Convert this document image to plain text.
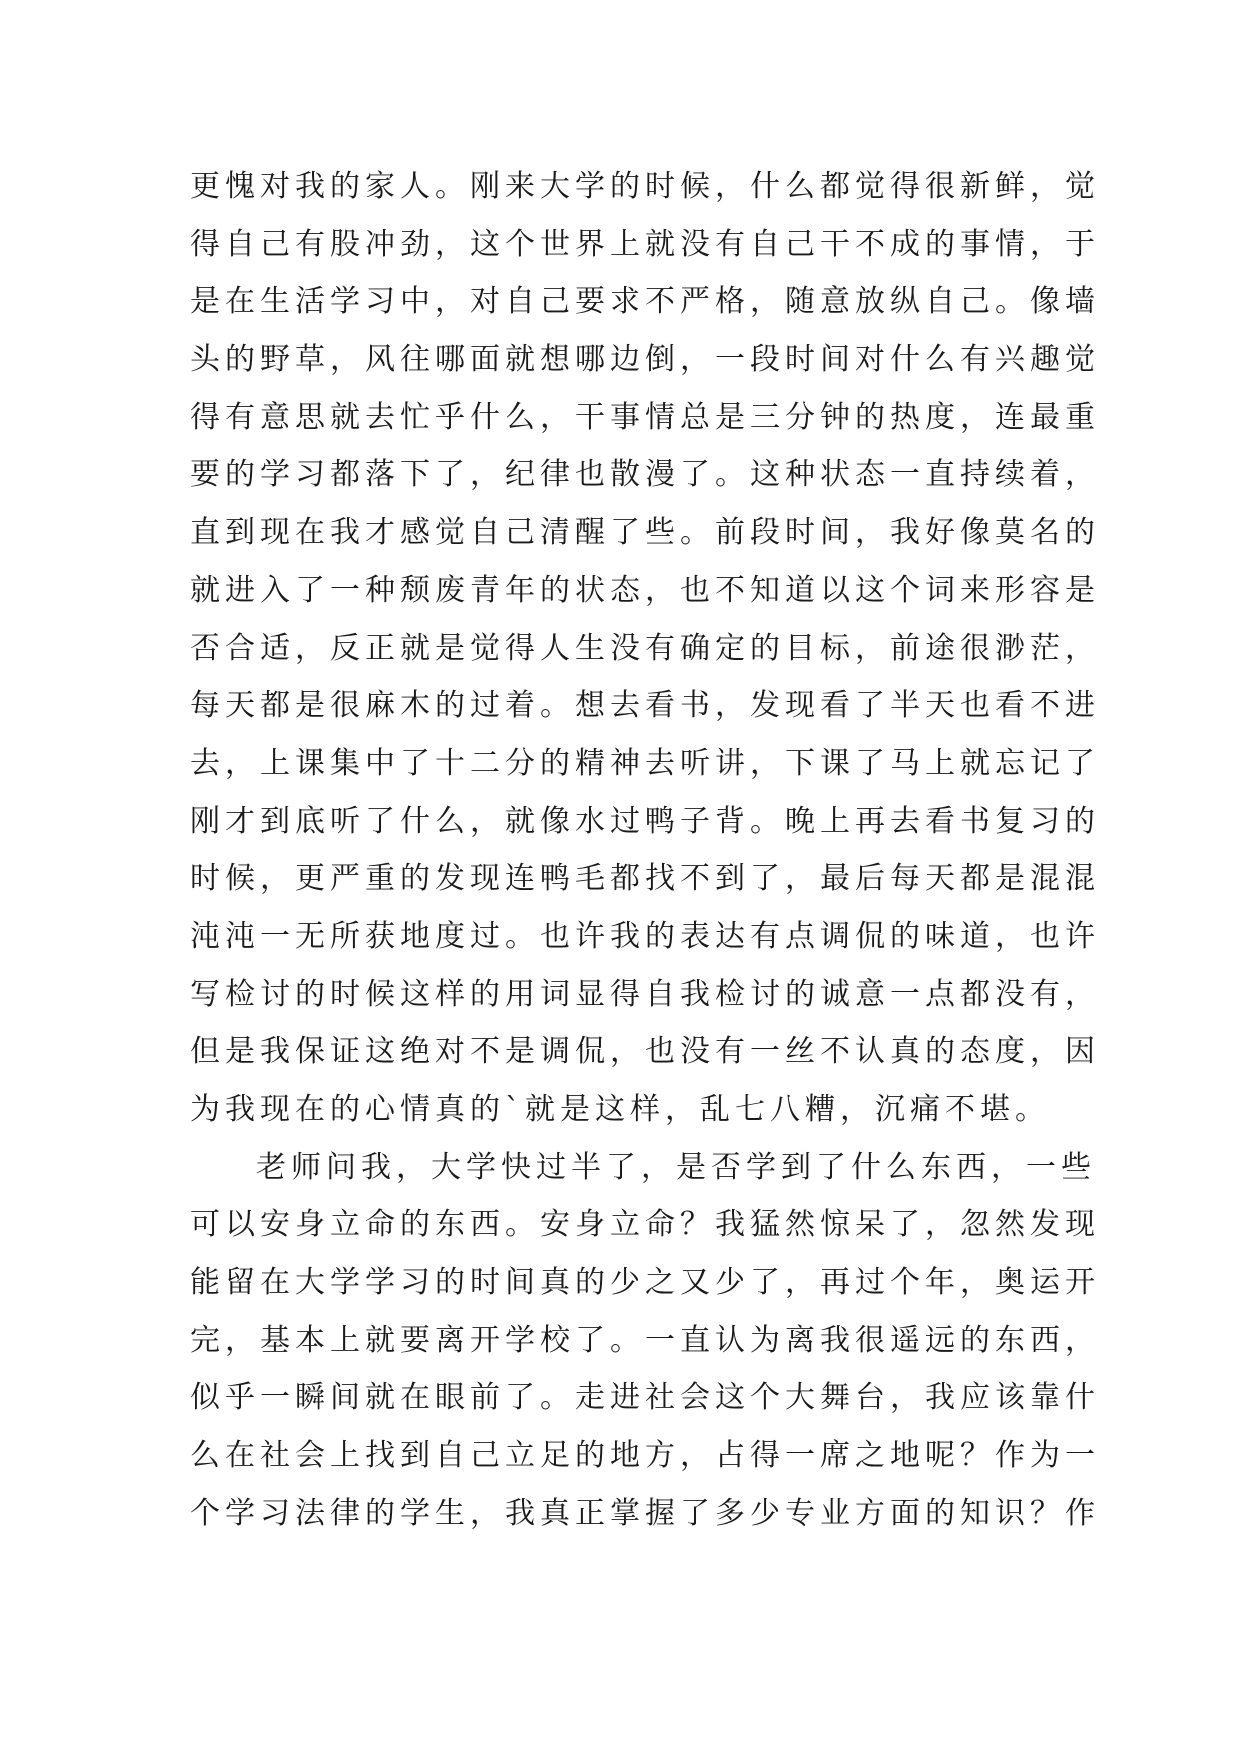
更愧对我的家人。刚来大学的时候，什么都觉得很新鲜，觉
得自己有股冲劲，这个世界上就没有自己干不成的事情，于
是在生活学习中，对自己要求不严格，随意放纵自己。像墙
头的野草，风往哪面就想哪边倒，一段时间对什么有兴趣觉
得有意思就去忙乎什么，干事情总是三分钟的热度，连最重
要的学习都落下了，纪律也散漫了。这种状态一直持续着，
直到现在我才感觉自己清醒了些。前段时间，我好像莫名的
就进入了一种颓废青年的状态，也不知道以这个词来形容是
否合适，反正就是觉得人生没有确定的目标，前途很渺茫，
每天都是很麻木的过着。想去看书，发现看了半天也看不进
去，上课集中了十二分的精神去听讲，下课了马上就忘记了
刚才到底听了什么，就像水过鸭子背。晚上再去看书复习的
时候，更严重的发现连鸭毛都找不到了，最后每天都是混混
沌沌一无所获地度过。也许我的表达有点调侃的味道，也许
写检讨的时候这样的用词显得自我检讨的诚意一点都没有，
但是我保证这绝对不是调侃，也没有一丝不认真的态度，因
为我现在的心情真的`就是这样，乱七八糟，沉痛不堪。
老师问我，大学快过半了，是否学到了什么东西，一些
可以安身立命的东西。安身立命？我猛然惊呆了，忽然发现
能留在大学学习的时间真的少之又少了，再过个年，奥运开
完，基本上就要离开学校了。一直认为离我很遥远的东西，
似乎一瞬间就在眼前了。走进社会这个大舞台，我应该靠什
么在社会上找到自己立足的地方，占得一席之地呢？作为一
个学习法律的学生，我真正掌握了多少专业方面的知识？作
